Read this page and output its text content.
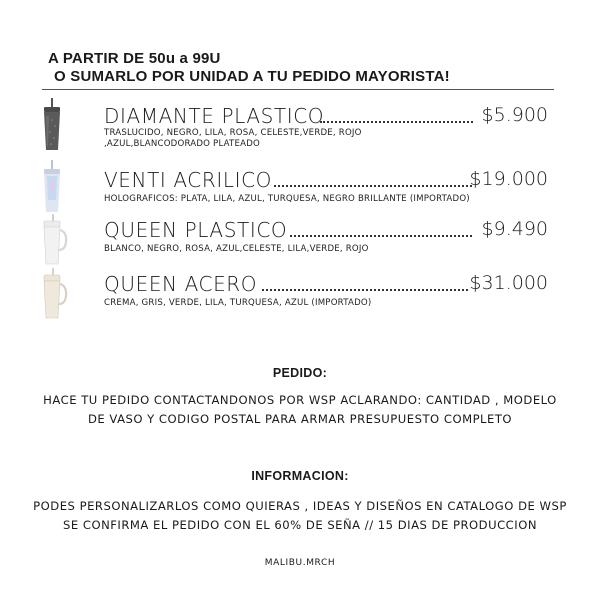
A PARTIR DE 50u a 99U
O SUMARLO POR UNIDAD A TU PEDIDO MAYORISTA!
DIAMANTE PLASTICO	$5.900
TRASLUCIDO, NEGRO, LILA, ROSA, CELESTE,VERDE, ROJO
,AZUL,BLANCODORADO PLATEADO
VENTI ACRILICO	$19.000
HOLOGRAFICOS: PLATA, LILA, AZUL, TURQUESA, NEGRO BRILLANTE (IMPORTADO)
QUEEN PLASTICO	$9.490
BLANCO, NEGRO, ROSA, AZUL,CELESTE, LILA,VERDE, ROJO
QUEEN ACERO	$31.000
CREMA, GRIS, VERDE, LILA, TURQUESA, AZUL (IMPORTADO)
PEDIDO:
HACE TU PEDIDO CONTACTANDONOS POR WSP ACLARANDO: CANTIDAD , MODELO
DE VASO Y CODIGO POSTAL PARA ARMAR PRESUPUESTO COMPLETO
INFORMACION:
PODES PERSONALIZARLOS COMO QUIERAS , IDEAS Y DISEÑOS EN CATALOGO DE WSP
SE CONFIRMA EL PEDIDO CON EL 60% DE SEÑA // 15 DIAS DE PRODUCCION
MALIBU.MRCH
